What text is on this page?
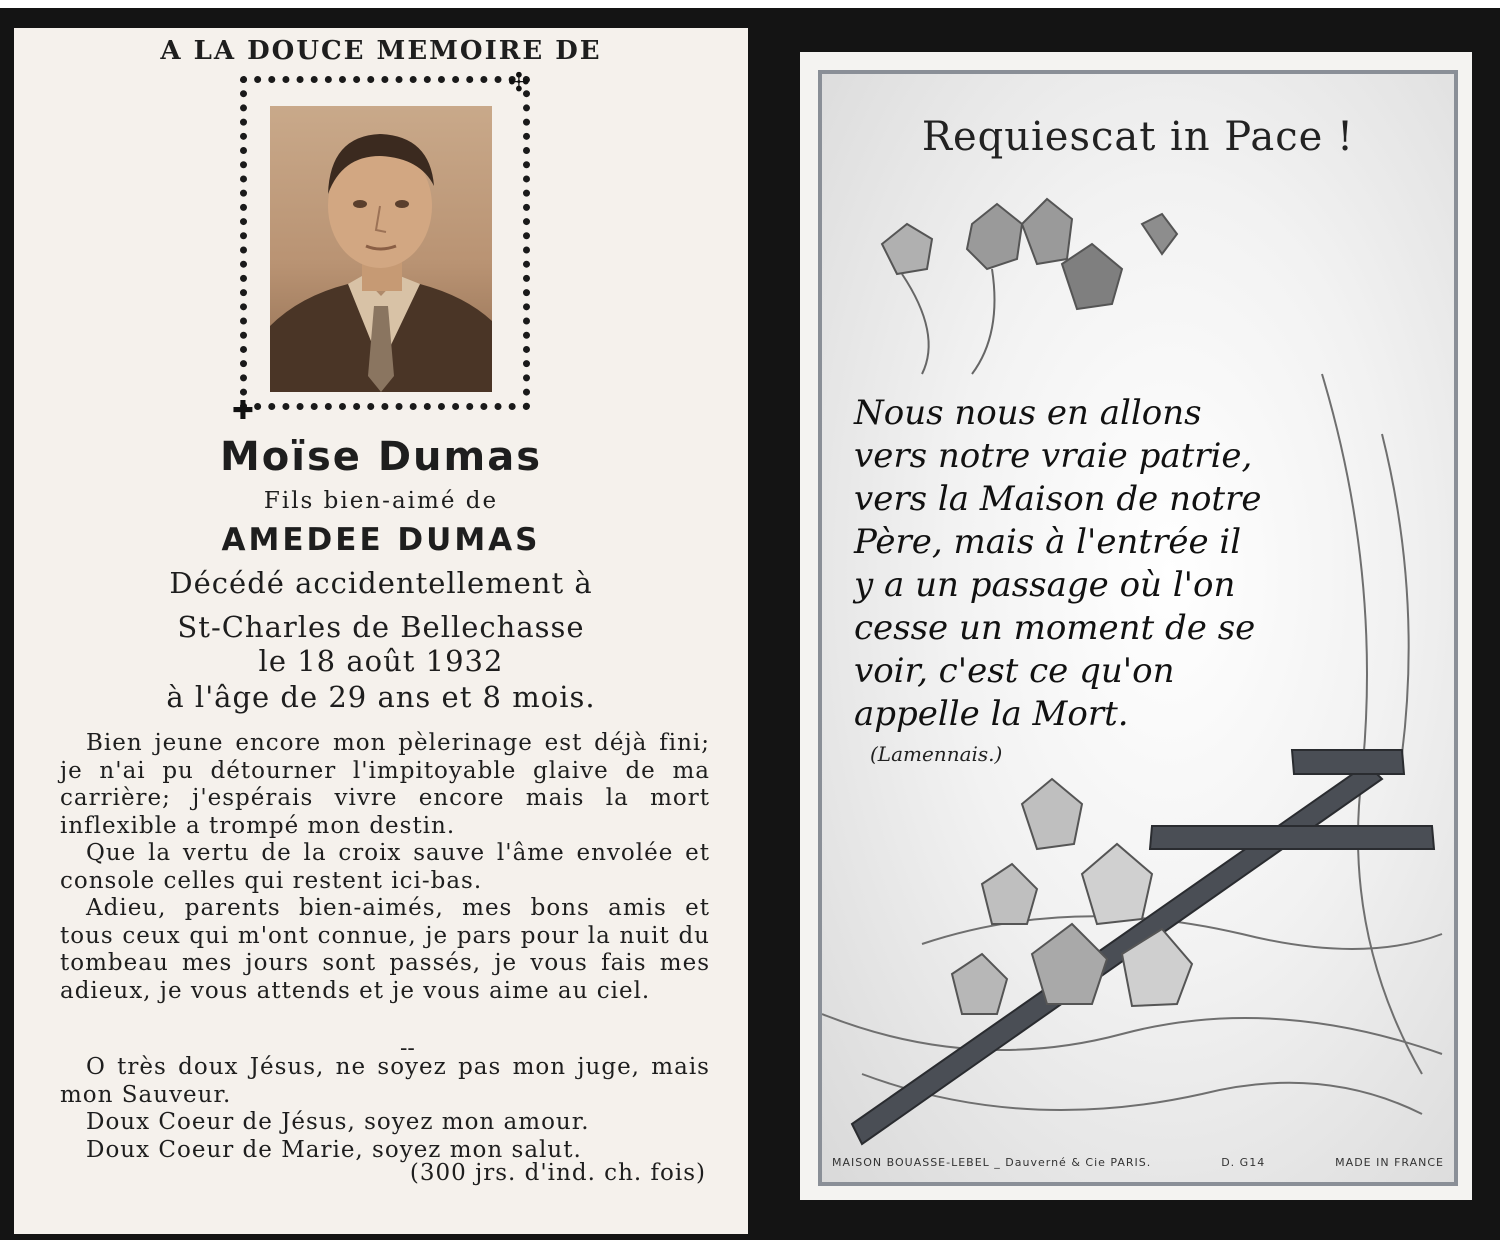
A LA DOUCE MEMOIRE DE
✣
✚
Moïse Dumas
Fils bien-aimé de
AMEDEE DUMAS
Décédé accidentellement à
St-Charles de Bellechasse
le 18 août 1932
à l'âge de 29 ans et 8 mois.

Bien jeune encore mon pèlerinage est déjà fini; je n'ai pu détourner l'impitoyable glaive de ma carrière; j'espérais vivre encore mais la mort inflexible a trompé mon destin.

Que la vertu de la croix sauve l'âme envolée et console celles qui restent ici-bas.

Adieu, parents bien-aimés, mes bons amis et tous ceux qui m'ont connue, je pars pour la nuit du tombeau mes jours sont passés, je vous fais mes adieux, je vous attends et je vous aime au ciel.

--

O très doux Jésus, ne soyez pas mon juge, mais mon Sauveur.

Doux Coeur de Jésus, soyez mon amour.

Doux Coeur de Marie, soyez mon salut.

(300 jrs. d'ind. ch. fois)
Requiescat in Pace !
Nous nous en allons
vers notre vraie patrie,
vers la Maison de notre
Père, mais à l'entrée il
y a un passage où l'on
cesse un moment de se
voir, c'est ce qu'on
appelle la Mort.
(Lamennais.)
MAISON BOUASSE-LEBEL _ Dauverné & Cie PARIS.	D. G14	MADE IN FRANCE
